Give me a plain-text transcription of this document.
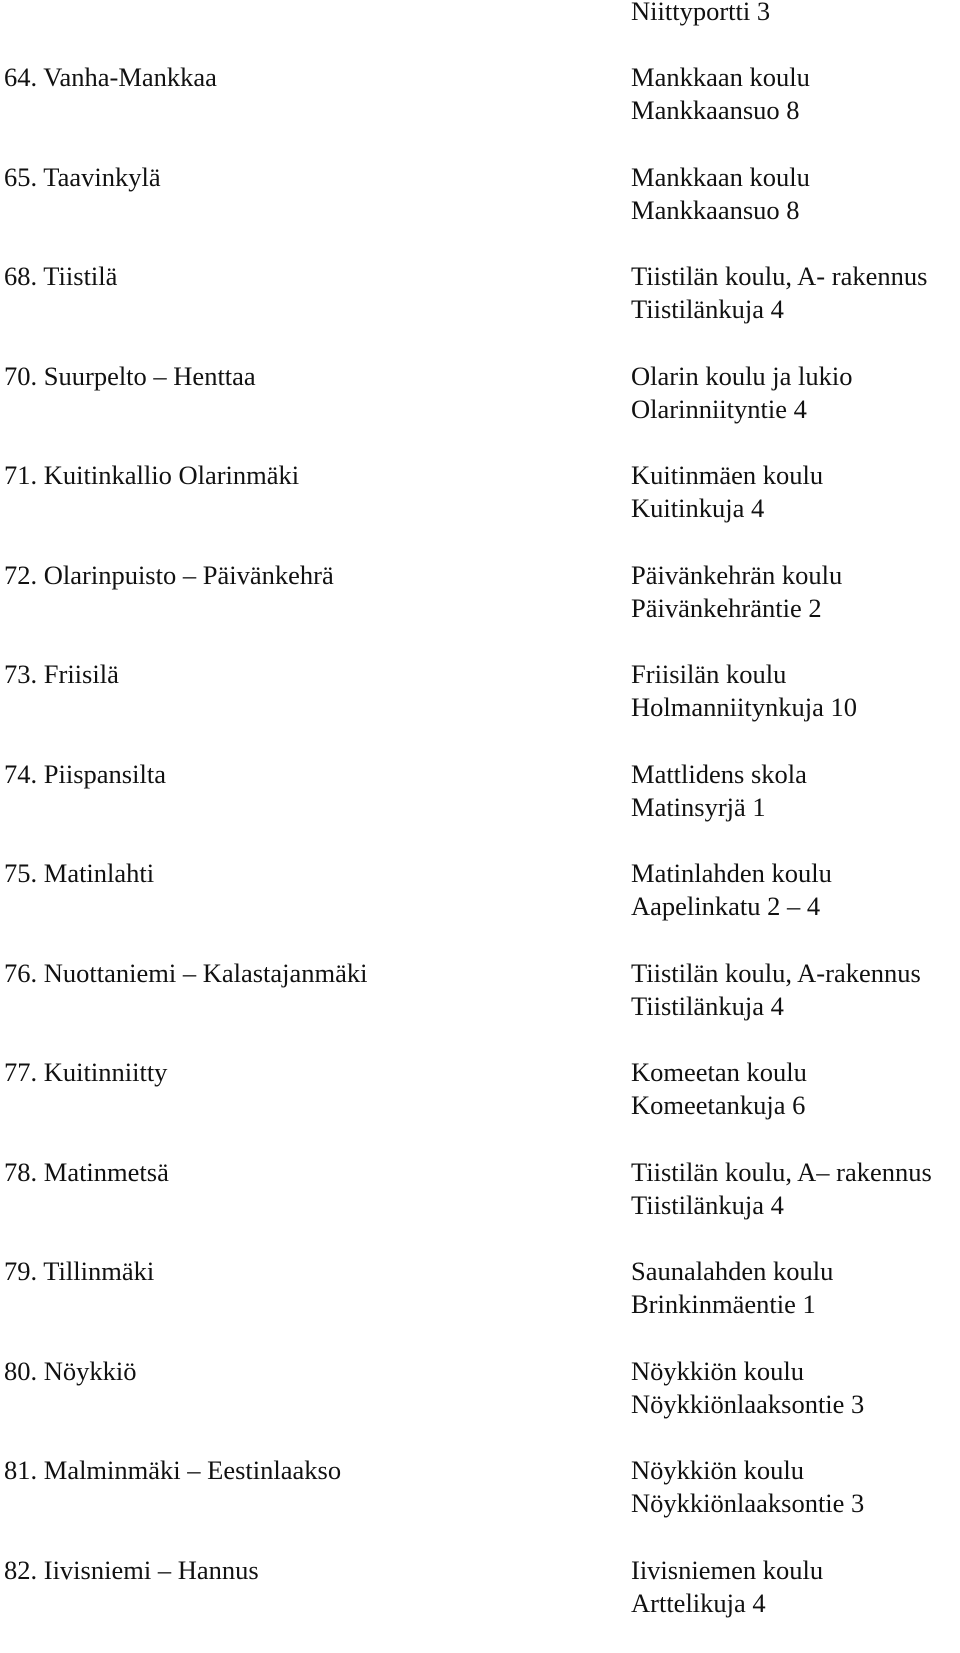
Niittyportti 3
64. Vanha-Mankkaa	Mankkaan koulu
Mankkaansuo 8
65. Taavinkylä	Mankkaan koulu
Mankkaansuo 8
68. Tiistilä	Tiistilän koulu, A- rakennus
Tiistilänkuja 4
70. Suurpelto – Henttaa	Olarin koulu ja lukio
Olarinniityntie 4
71. Kuitinkallio Olarinmäki	Kuitinmäen koulu
Kuitinkuja 4
72. Olarinpuisto – Päivänkehrä	Päivänkehrän koulu
Päivänkehräntie 2
73. Friisilä	Friisilän koulu
Holmanniitynkuja 10
74. Piispansilta	Mattlidens skola
Matinsyrjä 1
75. Matinlahti	Matinlahden koulu
Aapelinkatu 2 – 4
76. Nuottaniemi – Kalastajanmäki	Tiistilän koulu, A-rakennus
Tiistilänkuja 4
77. Kuitinniitty	Komeetan koulu
Komeetankuja 6
78. Matinmetsä	Tiistilän koulu, A– rakennus
Tiistilänkuja 4
79. Tillinmäki	Saunalahden koulu
Brinkinmäentie 1
80. Nöykkiö	Nöykkiön koulu
Nöykkiönlaaksontie 3
81. Malminmäki – Eestinlaakso	Nöykkiön koulu
Nöykkiönlaaksontie 3
82. Iivisniemi – Hannus	Iivisniemen koulu
Arttelikuja 4
